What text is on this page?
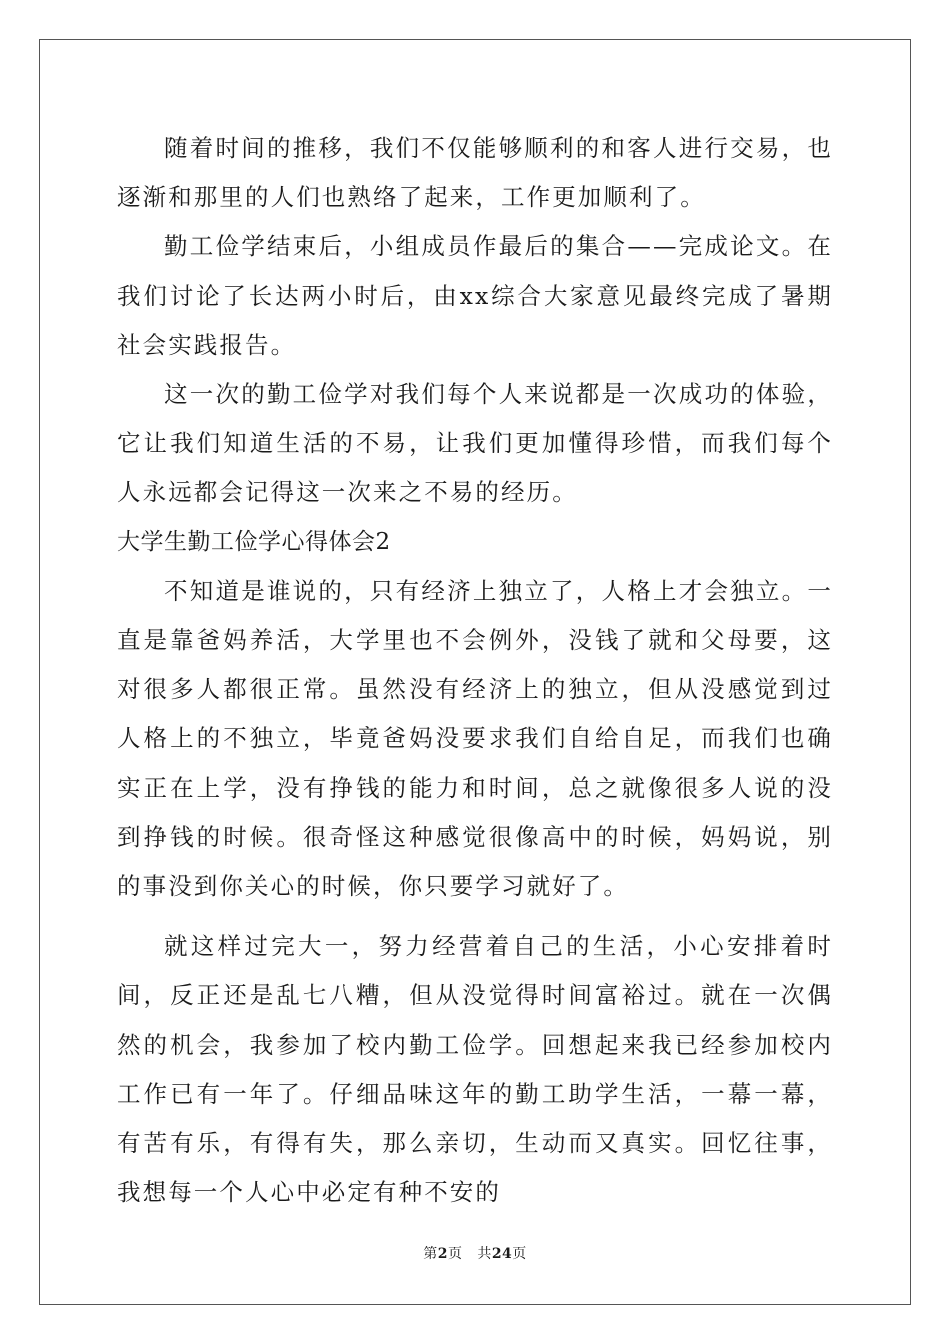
随着时间的推移，我们不仅能够顺利的和客人进行交易，也逐渐和那里的人们也熟络了起来，工作更加顺利了。

勤工俭学结束后，小组成员作最后的集合——完成论文。在我们讨论了长达两小时后，由xx综合大家意见最终完成了暑期社会实践报告。

这一次的勤工俭学对我们每个人来说都是一次成功的体验，它让我们知道生活的不易，让我们更加懂得珍惜，而我们每个人永远都会记得这一次来之不易的经历。

大学生勤工俭学心得体会2

不知道是谁说的，只有经济上独立了，人格上才会独立。一直是靠爸妈养活，大学里也不会例外，没钱了就和父母要，这对很多人都很正常。虽然没有经济上的独立，但从没感觉到过人格上的不独立，毕竟爸妈没要求我们自给自足，而我们也确实正在上学，没有挣钱的能力和时间，总之就像很多人说的没到挣钱的时候。很奇怪这种感觉很像高中的时候，妈妈说，别的事没到你关心的时候，你只要学习就好了。

就这样过完大一，努力经营着自己的生活，小心安排着时间，反正还是乱七八糟，但从没觉得时间富裕过。就在一次偶然的机会，我参加了校内勤工俭学。回想起来我已经参加校内工作已有一年了。仔细品味这年的勤工助学生活，一幕一幕，有苦有乐，有得有失，那么亲切，生动而又真实。回忆往事，我想每一个人心中必定有种不安的

第2页 共24页
